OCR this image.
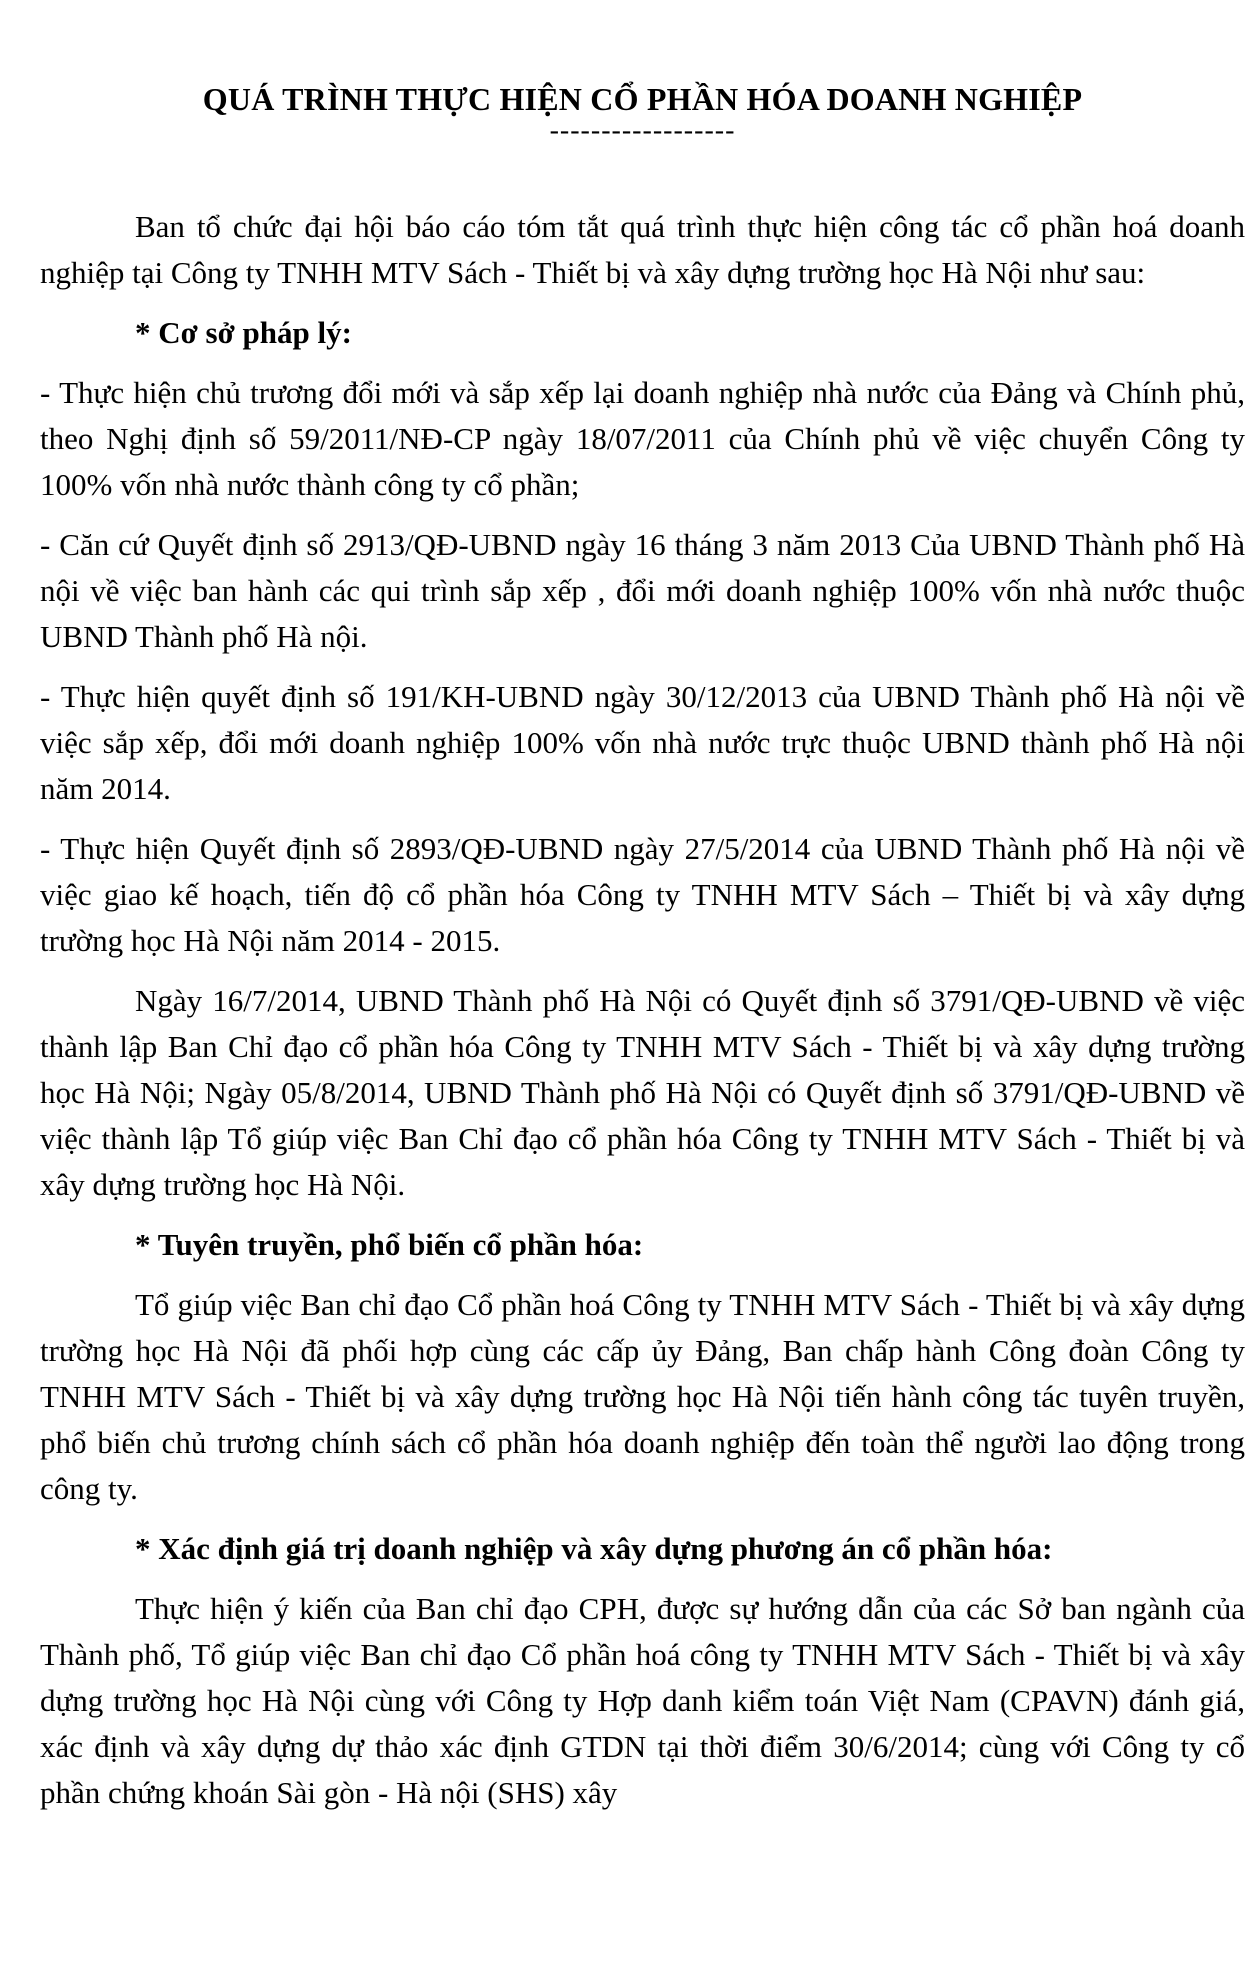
QUÁ TRÌNH THỰC HIỆN CỔ PHẦN HÓA DOANH NGHIỆP
------------------

Ban tổ chức đại hội báo cáo tóm tắt quá trình thực hiện công tác cổ phần hoá doanh nghiệp tại Công ty TNHH MTV Sách - Thiết bị và xây dựng trường học Hà Nội như sau:

* Cơ sở pháp lý:

- Thực hiện chủ trương đổi mới và sắp xếp lại doanh nghiệp nhà nước của Đảng và Chính phủ, theo Nghị định số 59/2011/NĐ-CP ngày 18/07/2011 của Chính phủ về việc chuyển Công ty 100% vốn nhà nước thành công ty cổ phần;

- Căn cứ Quyết định số 2913/QĐ-UBND ngày 16 tháng 3 năm 2013 Của UBND Thành phố Hà nội về việc ban hành các qui trình sắp xếp , đổi mới doanh nghiệp 100% vốn nhà nước thuộc UBND Thành phố Hà nội.

- Thực hiện quyết định số 191/KH-UBND ngày 30/12/2013 của UBND Thành phố Hà nội về việc sắp xếp, đổi mới doanh nghiệp 100% vốn nhà nước trực thuộc UBND thành phố Hà nội năm 2014.

- Thực hiện Quyết định số 2893/QĐ-UBND ngày 27/5/2014 của UBND Thành phố Hà nội về việc giao kế hoạch, tiến độ cổ phần hóa Công ty TNHH MTV Sách – Thiết bị và xây dựng trường học Hà Nội năm 2014 - 2015.

Ngày 16/7/2014, UBND Thành phố Hà Nội có Quyết định số 3791/QĐ-UBND về việc thành lập Ban Chỉ đạo cổ phần hóa Công ty TNHH MTV Sách - Thiết bị và xây dựng trường học Hà Nội; Ngày 05/8/2014, UBND Thành phố Hà Nội có Quyết định số 3791/QĐ-UBND về việc thành lập Tổ giúp việc Ban Chỉ đạo cổ phần hóa Công ty TNHH MTV Sách - Thiết bị và xây dựng trường học Hà Nội.

* Tuyên truyền, phổ biến cổ phần hóa:

Tổ giúp việc Ban chỉ đạo Cổ phần hoá Công ty TNHH MTV Sách - Thiết bị và xây dựng trường học Hà Nội đã phối hợp cùng các cấp ủy Đảng, Ban chấp hành Công đoàn Công ty TNHH MTV Sách - Thiết bị và xây dựng trường học Hà Nội tiến hành công tác tuyên truyền, phổ biến chủ trương chính sách cổ phần hóa doanh nghiệp đến toàn thể người lao động trong công ty.

* Xác định giá trị doanh nghiệp và xây dựng phương án cổ phần hóa:

Thực hiện ý kiến của Ban chỉ đạo CPH, được sự hướng dẫn của các Sở ban ngành của Thành phố, Tổ giúp việc Ban chỉ đạo Cổ phần hoá công ty TNHH MTV Sách - Thiết bị và xây dựng trường học Hà Nội cùng với Công ty Hợp danh kiểm toán Việt Nam (CPAVN) đánh giá, xác định và xây dựng dự thảo xác định GTDN tại thời điểm 30/6/2014; cùng với Công ty cổ phần chứng khoán Sài gòn - Hà nội (SHS) xây
